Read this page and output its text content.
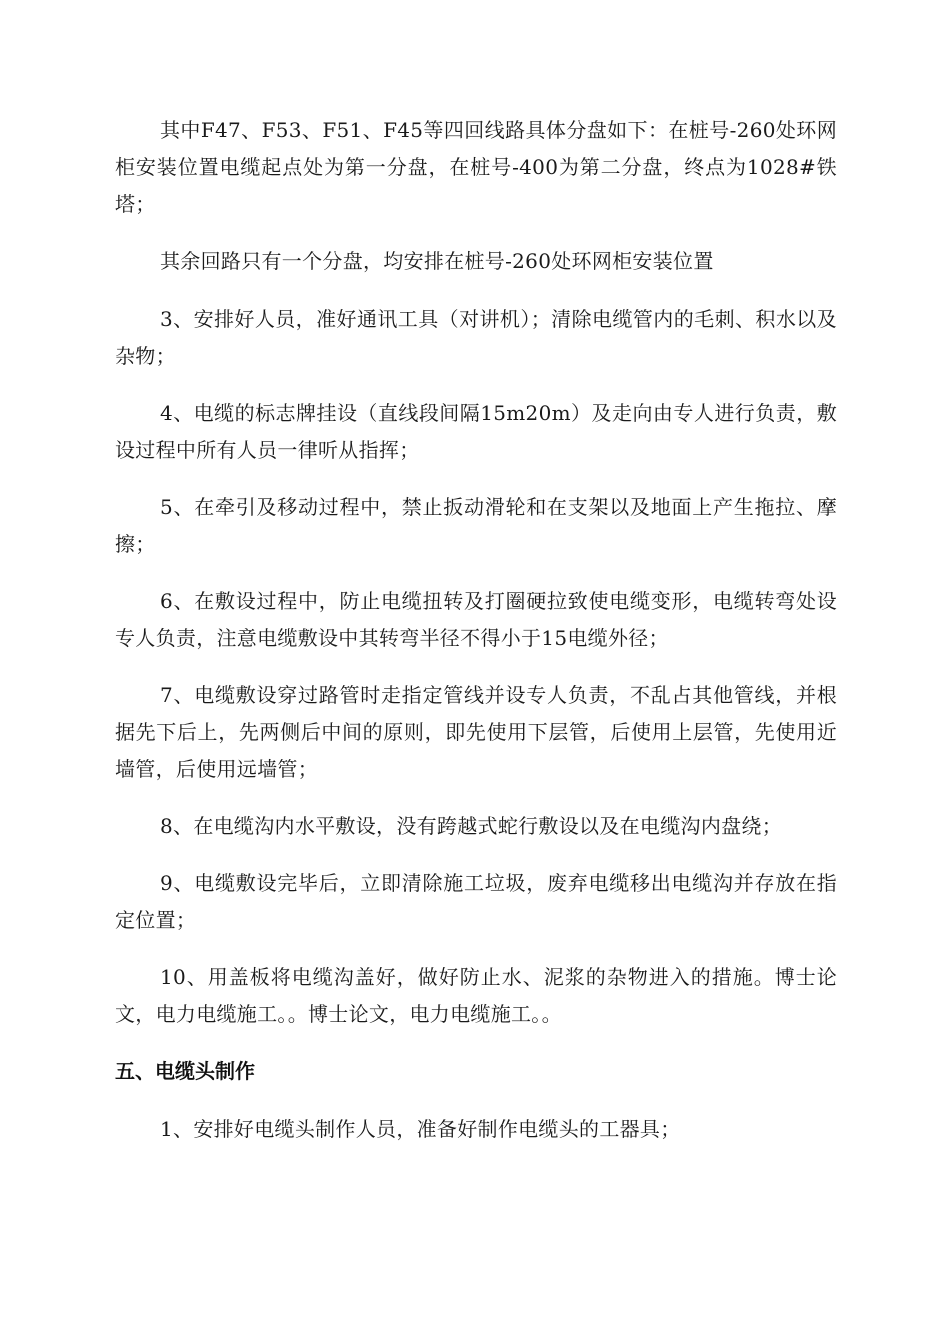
其中F47、F53、F51、F45等四回线路具体分盘如下：在桩号-260处环网柜安装位置电缆起点处为第一分盘，在桩号-400为第二分盘，终点为1028#铁塔；

其余回路只有一个分盘，均安排在桩号-260处环网柜安装位置

3、安排好人员，准好通讯工具（对讲机）；清除电缆管内的毛刺、积水以及杂物；

4、电缆的标志牌挂设（直线段间隔15m20m）及走向由专人进行负责，敷设过程中所有人员一律听从指挥；

5、在牵引及移动过程中，禁止扳动滑轮和在支架以及地面上产生拖拉、摩擦；

6、在敷设过程中，防止电缆扭转及打圈硬拉致使电缆变形，电缆转弯处设专人负责，注意电缆敷设中其转弯半径不得小于15电缆外径；

7、电缆敷设穿过路管时走指定管线并设专人负责，不乱占其他管线，并根据先下后上，先两侧后中间的原则，即先使用下层管，后使用上层管，先使用近墙管，后使用远墙管；

8、在电缆沟内水平敷设，没有跨越式蛇行敷设以及在电缆沟内盘绕；

9、电缆敷设完毕后，立即清除施工垃圾，废弃电缆移出电缆沟并存放在指定位置；

10、用盖板将电缆沟盖好，做好防止水、泥浆的杂物进入的措施。博士论文，电力电缆施工。。博士论文，电力电缆施工。。

五、电缆头制作

1、安排好电缆头制作人员，准备好制作电缆头的工器具；
